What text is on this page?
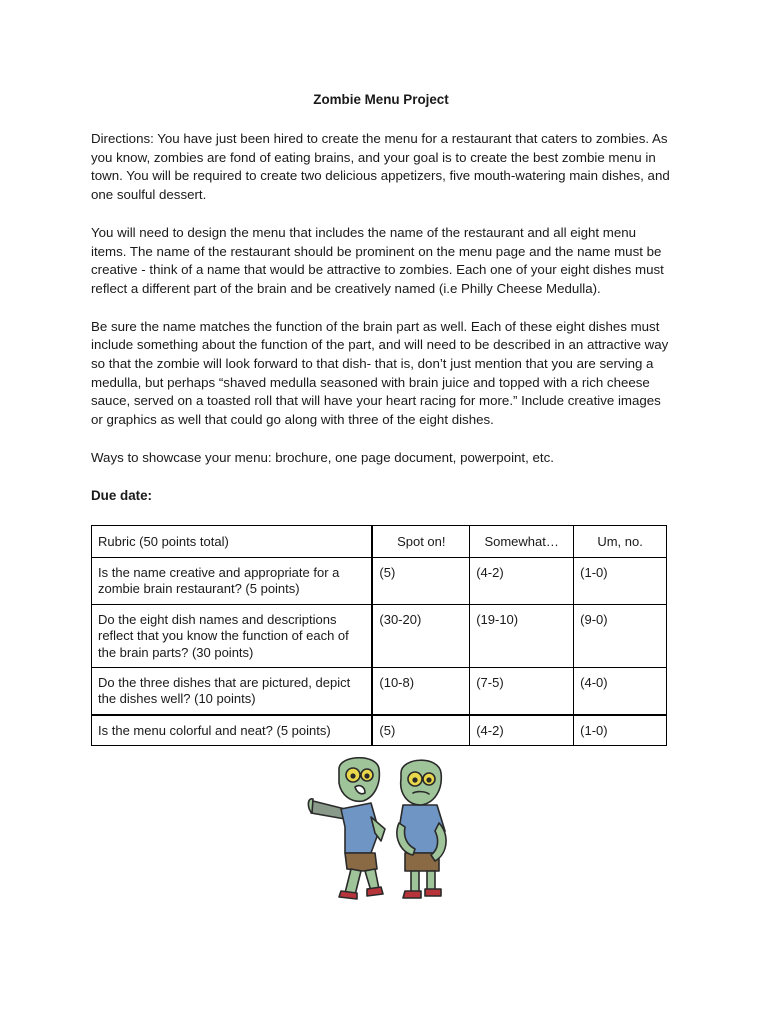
Zombie Menu Project

Directions: You have just been hired to create the menu for a restaurant that caters to zombies. As you know, zombies are fond of eating brains, and your goal is to create the best zombie menu in town. You will be required to create two delicious appetizers, five mouth-watering main dishes, and one soulful dessert.

You will need to design the menu that includes the name of the restaurant and all eight menu items. The name of the restaurant should be prominent on the menu page and the name must be creative - think of a name that would be attractive to zombies. Each one of your eight dishes must reflect a different part of the brain and be creatively named (i.e Philly Cheese Medulla).

Be sure the name matches the function of the brain part as well. Each of these eight dishes must include something about the function of the part, and will need to be described in an attractive way so that the zombie will look forward to that dish- that is, don’t just mention that you are serving a medulla, but perhaps “shaved medulla seasoned with brain juice and topped with a rich cheese sauce, served on a toasted roll that will have your heart racing for more.” Include creative images or graphics as well that could go along with three of the eight dishes.

Ways to showcase your menu: brochure, one page document, powerpoint, etc.

Due date:
Rubric (50 points total)	Spot on!	Somewhat…	Um, no.
Is the name creative and appropriate for a zombie brain restaurant? (5 points)	(5)	(4-2)	(1-0)
Do the eight dish names and descriptions reflect that you know the function of each of the brain parts? (30 points)	(30-20)	(19-10)	(9-0)
Do the three dishes that are pictured, depict the dishes well? (10 points)	(10-8)	(7-5)	(4-0)
Is the menu colorful and neat? (5 points)	(5)	(4-2)	(1-0)
